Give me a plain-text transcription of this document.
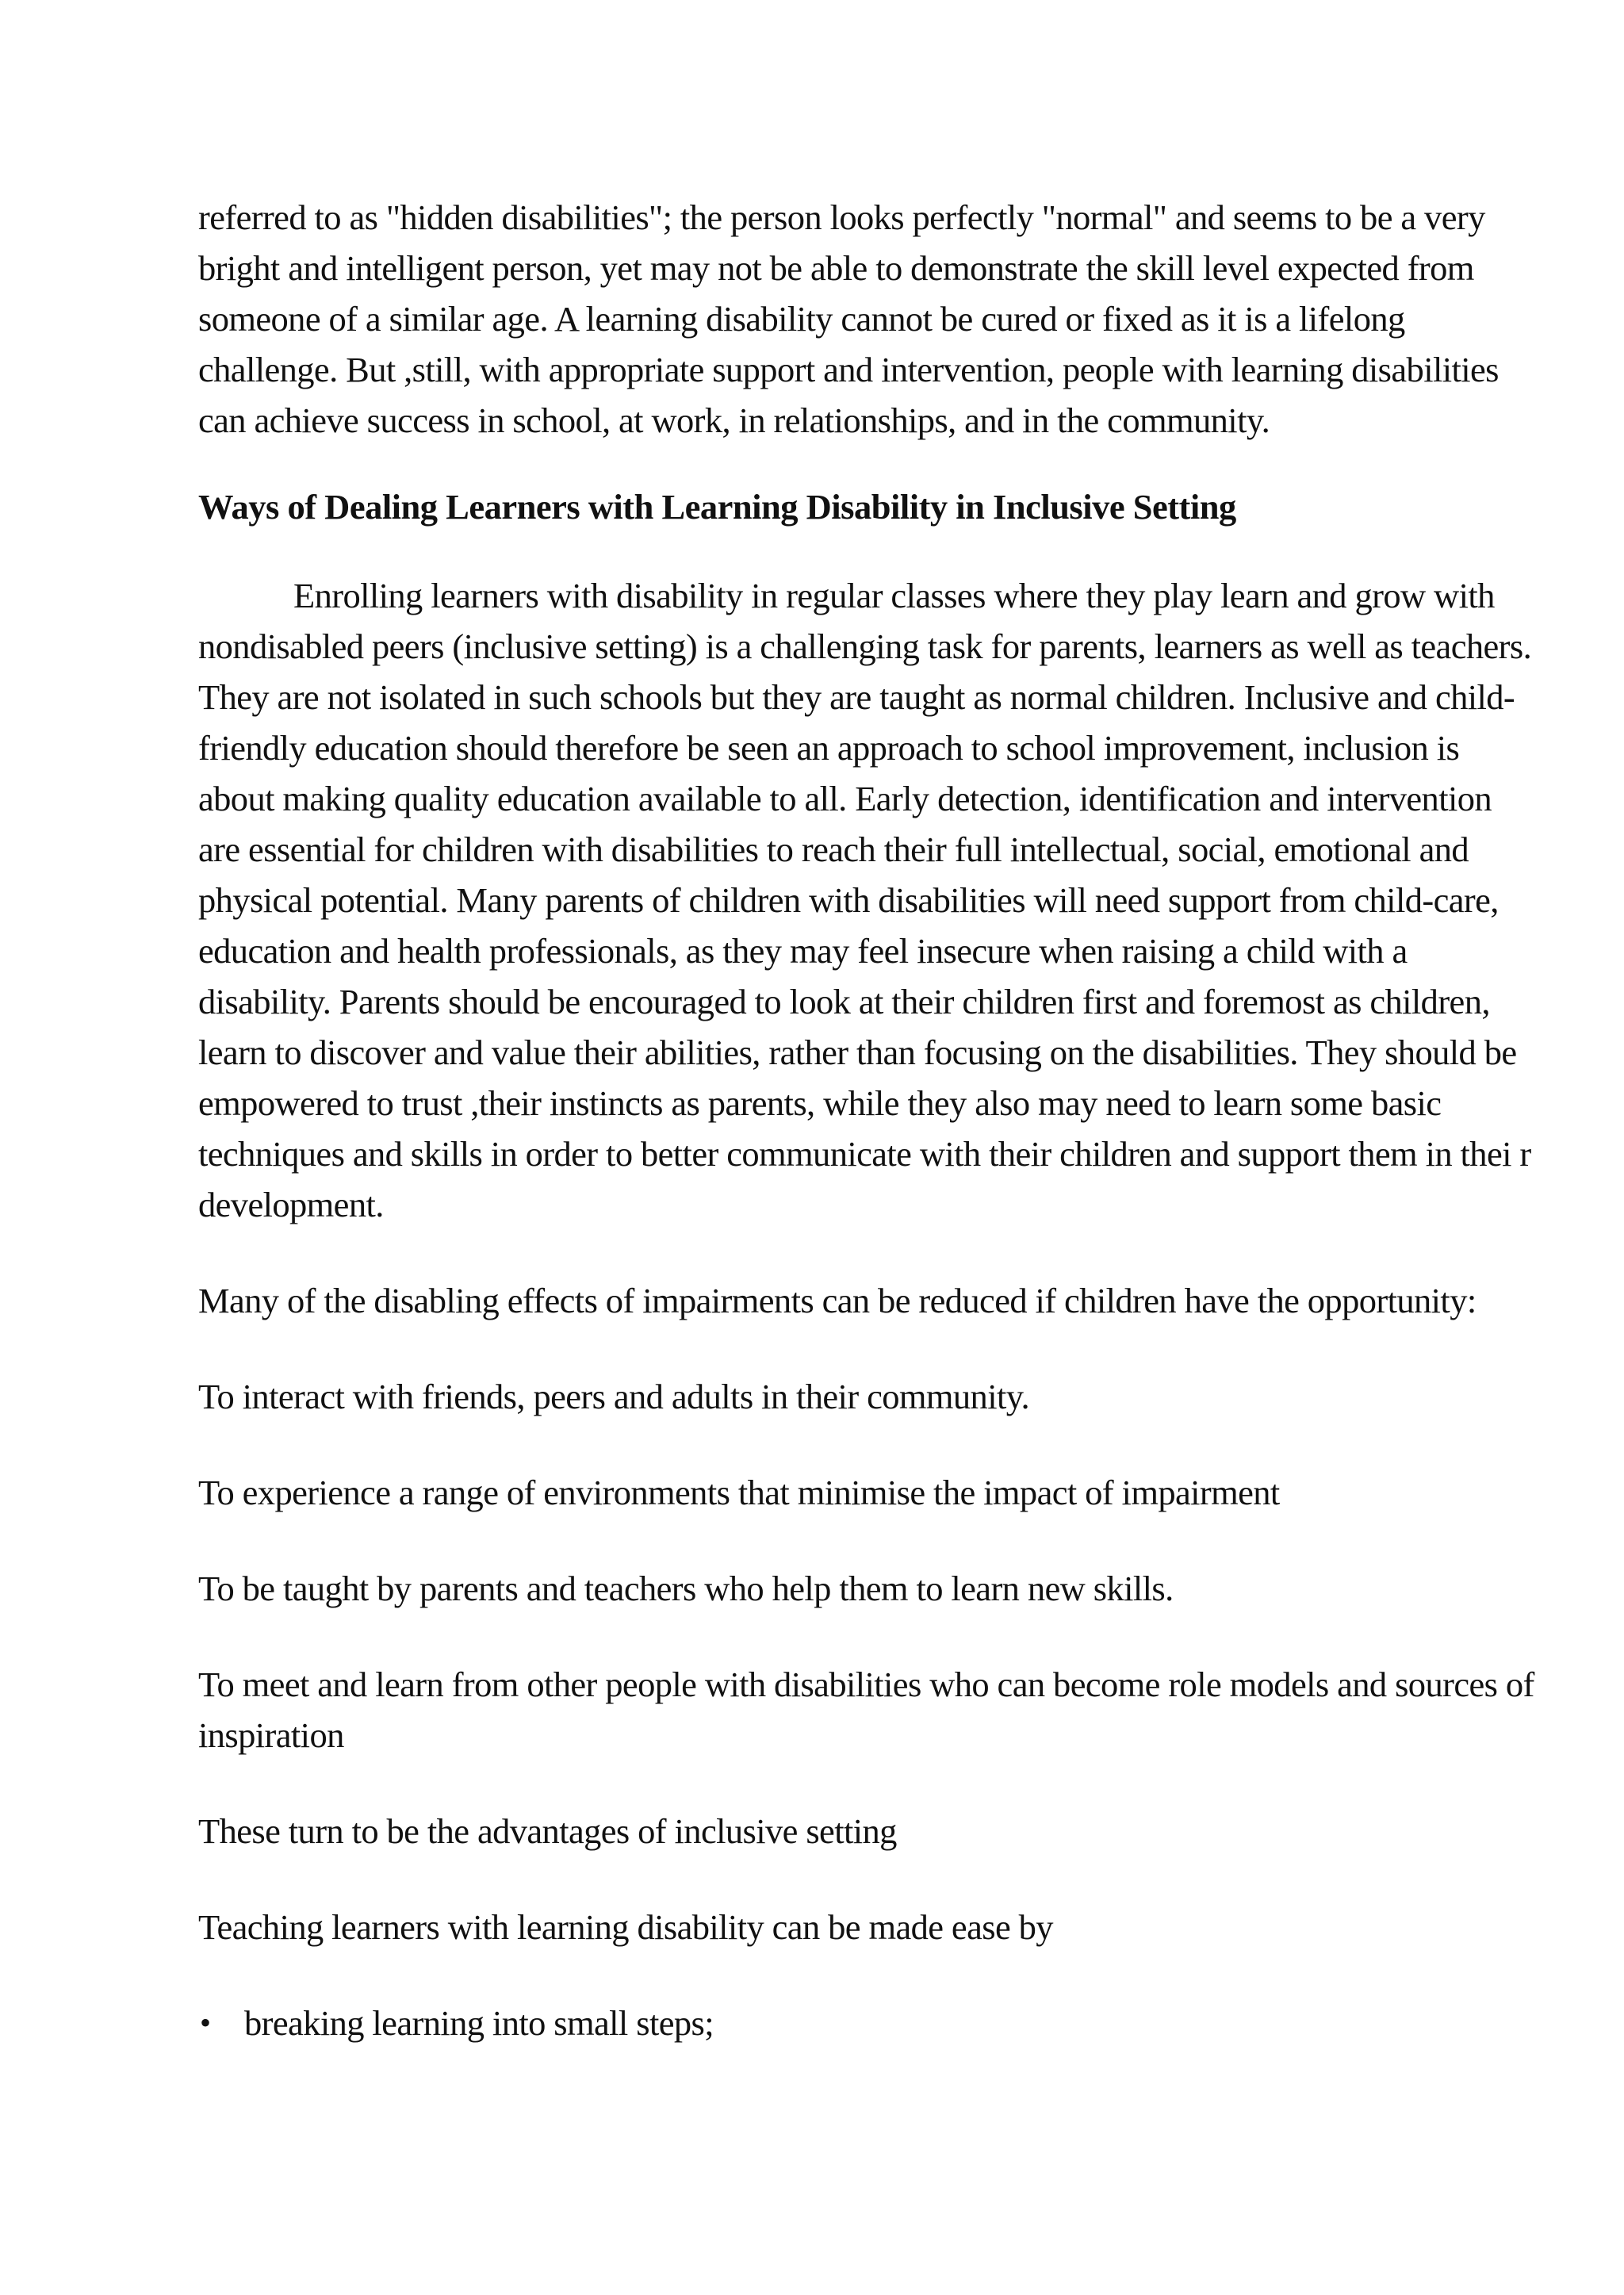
referred to as "hidden disabilities"; the person looks perfectly "normal" and seems to be a very bright and intelligent person, yet may not be able to demonstrate the skill level expected from someone of a similar age. A learning disability cannot be cured or fixed as it is a lifelong challenge. But ,still, with appropriate support and intervention, people with learning disabilities can achieve success in school, at work, in relationships, and in the community.

Ways of Dealing Learners with Learning Disability in Inclusive Setting

Enrolling learners with disability in regular classes where they play learn and grow with nondisabled peers (inclusive setting) is a challenging task for parents, learners as well as teachers. They are not isolated in such schools but they are taught as normal children. Inclusive and child-friendly education should therefore be seen an approach to school improvement, inclusion is about making quality education available to all. Early detection, identification and intervention are essential for children with disabilities to reach their full intellectual, social, emotional and physical potential. Many parents of children with disabilities will need support from child-care, education and health professionals, as they may feel insecure when raising a child with a disability. Parents should be encouraged to look at their children first and foremost as children, learn to discover and value their abilities, rather than focusing on the disabilities. They should be empowered to trust ,their instincts as parents, while they also may need to learn some basic techniques and skills in order to better communicate with their children and support them in thei r development.

Many of the disabling effects of impairments can be reduced if children have the opportunity:

To interact with friends, peers and adults in their community.

To experience a range of environments that minimise the impact of impairment

To be taught by parents and teachers who help them to learn new skills.

To meet and learn from other people with disabilities who can become role models and sources of inspiration

These turn to be the advantages of inclusive setting

Teaching learners with learning disability can be made ease by

• breaking learning into small steps;
